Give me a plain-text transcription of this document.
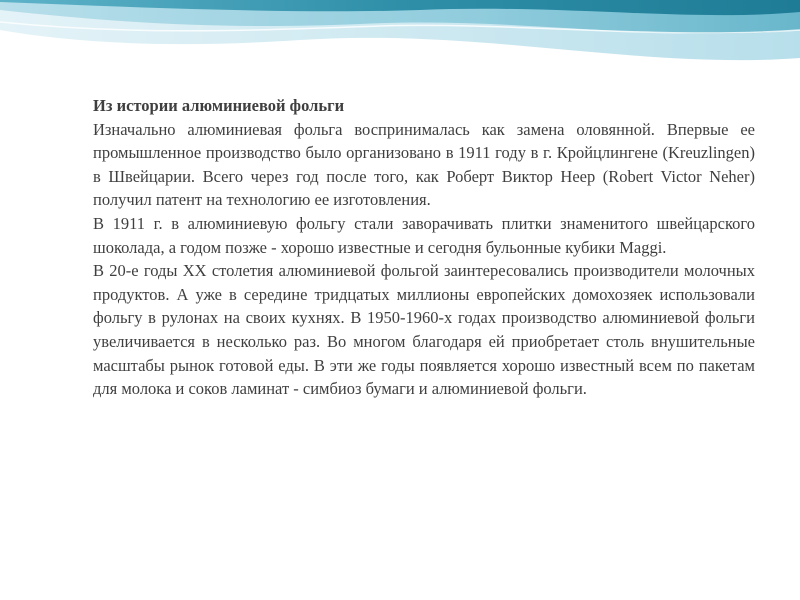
Из истории алюминиевой фольги

Изначально алюминиевая фольга воспринималась как замена оловянной. Впервые ее промышленное производство было организовано в 1911 году в г. Кройцлингене (Kreuzlingen) в Швейцарии. Всего через год после того, как Роберт Виктор Неер (Robert Victor Neher) получил патент на технологию ее изготовления.

В 1911 г. в алюминиевую фольгу стали заворачивать плитки знаменитого швейцарского шоколада, а годом позже - хорошо известные и сегодня бульонные кубики Maggi.

В 20-е годы XX столетия алюминиевой фольгой заинтересовались производители молочных продуктов. А уже в середине тридцатых миллионы европейских домохозяек использовали фольгу в рулонах на своих кухнях. В 1950-1960-х годах производство алюминиевой фольги увеличивается в несколько раз. Во многом благодаря ей приобретает столь внушительные масштабы рынок готовой еды. В эти же годы появляется хорошо известный всем по пакетам для молока и соков ламинат - симбиоз бумаги и алюминиевой фольги.
